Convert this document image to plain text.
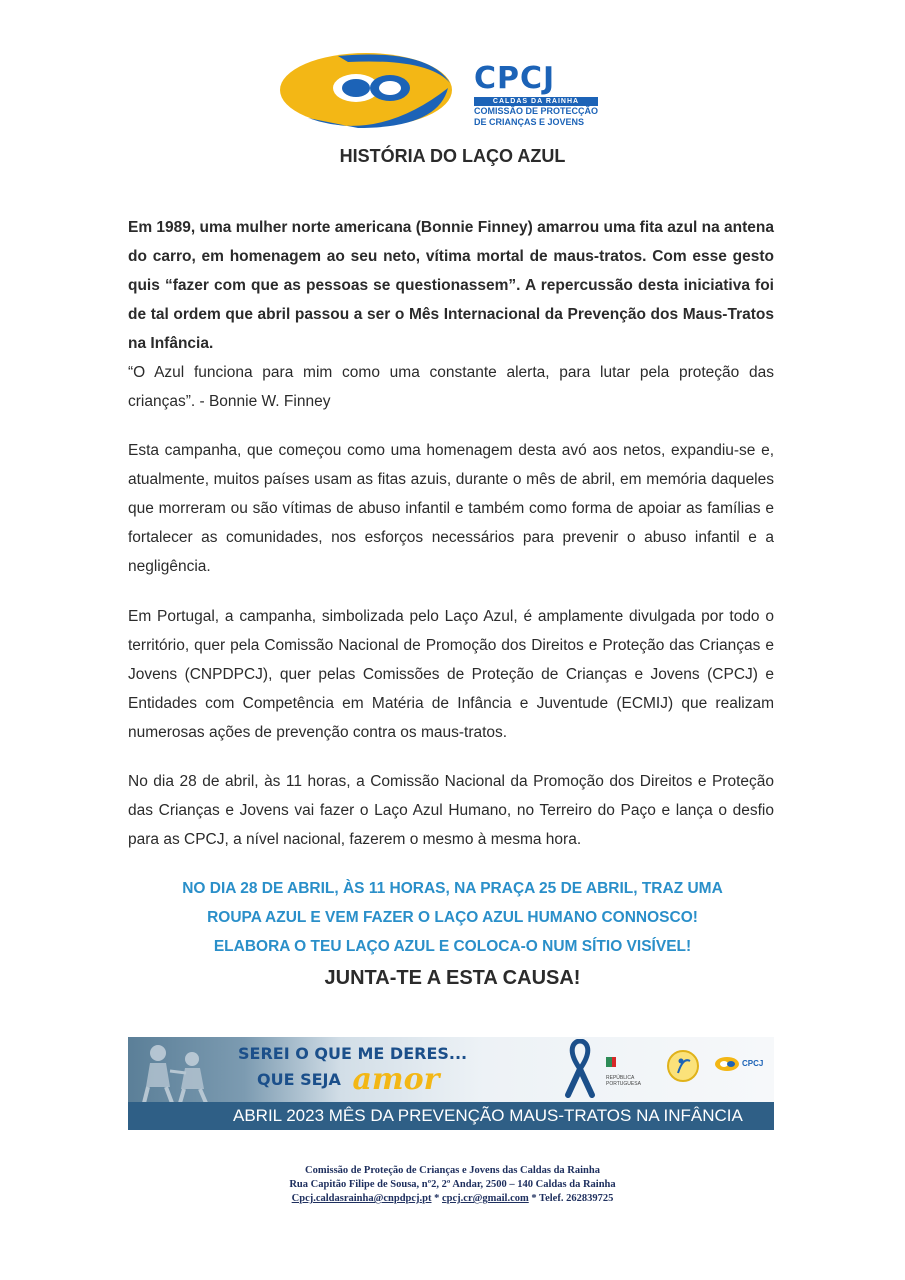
CPCJ
CALDAS DA RAINHA
COMISSÃO DE PROTECÇÃO
DE CRIANÇAS E JOVENS
HISTÓRIA DO LAÇO AZUL

Em 1989, uma mulher norte americana (Bonnie Finney) amarrou uma fita azul na antena do carro, em homenagem ao seu neto, vítima mortal de maus-tratos. Com esse gesto quis “fazer com que as pessoas se questionassem”. A repercussão desta iniciativa foi de tal ordem que abril passou a ser o Mês Internacional da Prevenção dos Maus-Tratos na Infância.

“O Azul funciona para mim como uma constante alerta, para lutar pela proteção das crianças”. - Bonnie W. Finney

Esta campanha, que começou como uma homenagem desta avó aos netos, expandiu-se e, atualmente, muitos países usam as fitas azuis, durante o mês de abril, em memória daqueles que morreram ou são vítimas de abuso infantil e também como forma de apoiar as famílias e fortalecer as comunidades, nos esforços necessários para prevenir o abuso infantil e a negligência.

Em Portugal, a campanha, simbolizada pelo Laço Azul, é amplamente divulgada por todo o território, quer pela Comissão Nacional de Promoção dos Direitos e Proteção das Crianças e Jovens (CNPDPCJ), quer pelas Comissões de Proteção de Crianças e Jovens (CPCJ) e Entidades com Competência em Matéria de Infância e Juventude (ECMIJ) que realizam numerosas ações de prevenção contra os maus-tratos.

No dia 28 de abril, às 11 horas, a Comissão Nacional da Promoção dos Direitos e Proteção das Crianças e Jovens vai fazer o Laço Azul Humano, no Terreiro do Paço e lança o desfio para as CPCJ, a nível nacional, fazerem o mesmo à mesma hora.

NO DIA 28 DE ABRIL, ÀS 11 HORAS, NA PRAÇA 25 DE ABRIL, TRAZ UMA
ROUPA AZUL E VEM FAZER O LAÇO AZUL HUMANO CONNOSCO!
ELABORA O TEU LAÇO AZUL E COLOCA-O NUM SÍTIO VISÍVEL!
JUNTA-TE A ESTA CAUSA!
SEREI O QUE ME DERES...
QUE SEJA amor	REPÚBLICA PORTUGUESA
CPCJ
ABRIL 2023 MÊS DA PREVENÇÃO MAUS-TRATOS NA INFÂNCIA
Comissão de Proteção de Crianças e Jovens das Caldas da Rainha
Rua Capitão Filipe de Sousa, nº2, 2º Andar, 2500 – 140 Caldas da Rainha
Cpcj.caldasrainha@cnpdpcj.pt * cpcj.cr@gmail.com * Telef. 262839725
